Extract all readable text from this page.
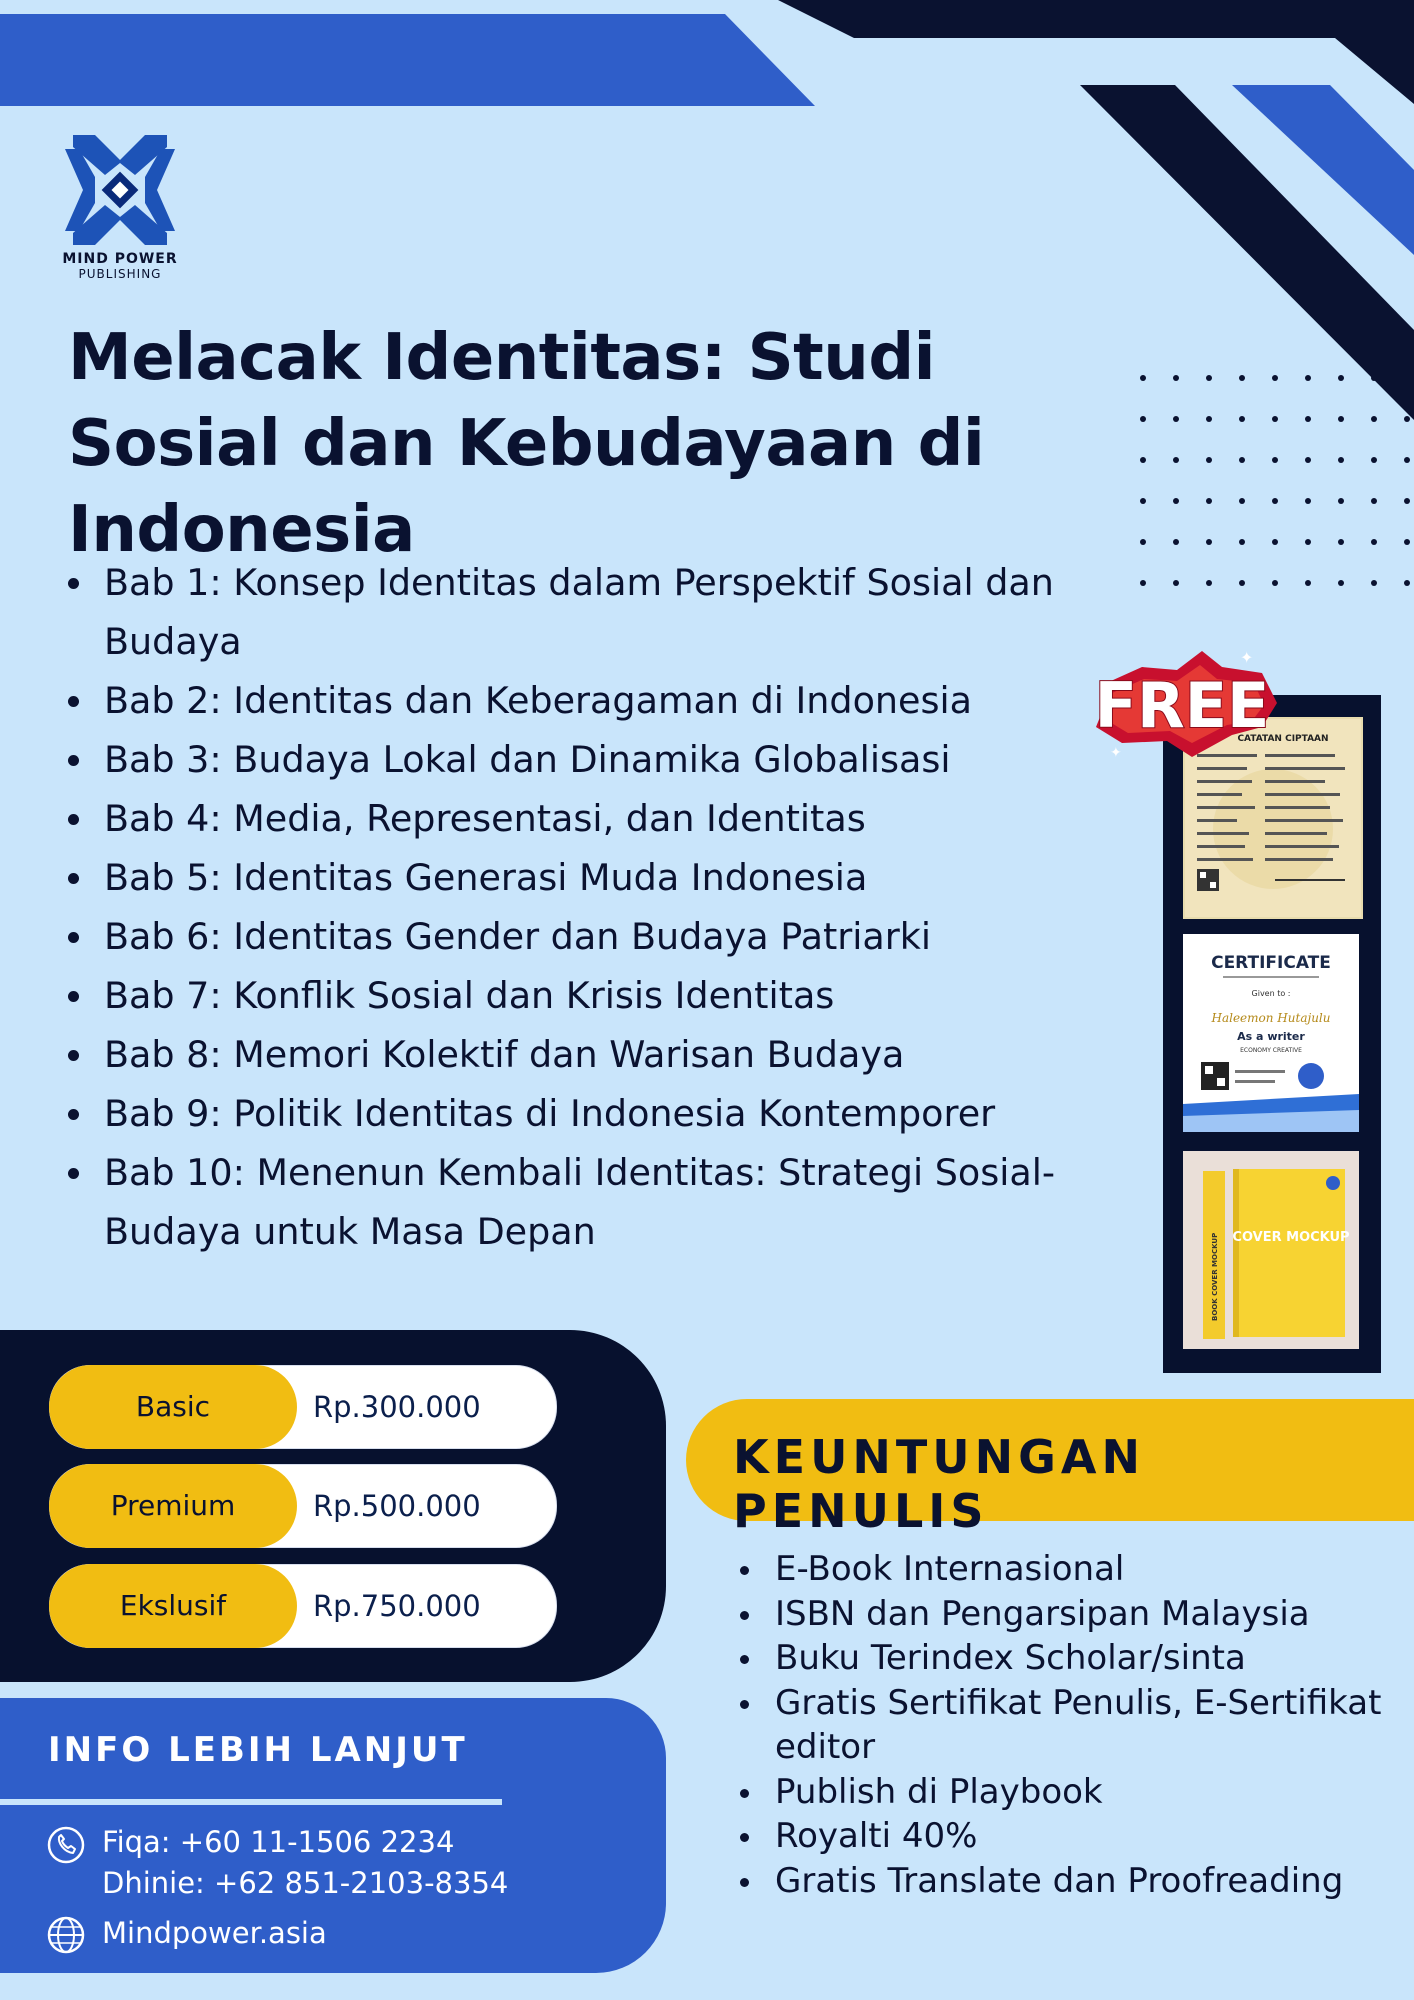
MIND POWER
PUBLISHING
Melacak Identitas: Studi Sosial dan Kebudayaan di Indonesia
Bab 1: Konsep Identitas dalam Perspektif Sosial dan Budaya
Bab 2: Identitas dan Keberagaman di Indonesia
Bab 3: Budaya Lokal dan Dinamika Globalisasi
Bab 4: Media, Representasi, dan Identitas
Bab 5: Identitas Generasi Muda Indonesia
Bab 6: Identitas Gender dan Budaya Patriarki
Bab 7: Konflik Sosial dan Krisis Identitas
Bab 8: Memori Kolektif dan Warisan Budaya
Bab 9: Politik Identitas di Indonesia Kontemporer
Bab 10: Menenun Kembali Identitas: Strategi Sosial-Budaya untuk Masa Depan
CATATAN CIPTAAN
CERTIFICATE
Given to :
Haleemon Hutajulu
As a writer
ECONOMY CREATIVE
BOOK COVER MOCKUP COVER MOCKUP
FREE
✦
✦
Basic	Rp.300.000
Premium	Rp.500.000
Ekslusif	Rp.750.000
INFO LEBIH LANJUT
Fiqa: +60 11-1506 2234
Dhinie: +62 851-2103-8354
Mindpower.asia
KEUNTUNGAN PENULIS
E-Book Internasional
ISBN dan Pengarsipan Malaysia
Buku Terindex Scholar/sinta
Gratis Sertifikat Penulis, E-Sertifikat editor
Publish di Playbook
Royalti 40%
Gratis Translate dan Proofreading
